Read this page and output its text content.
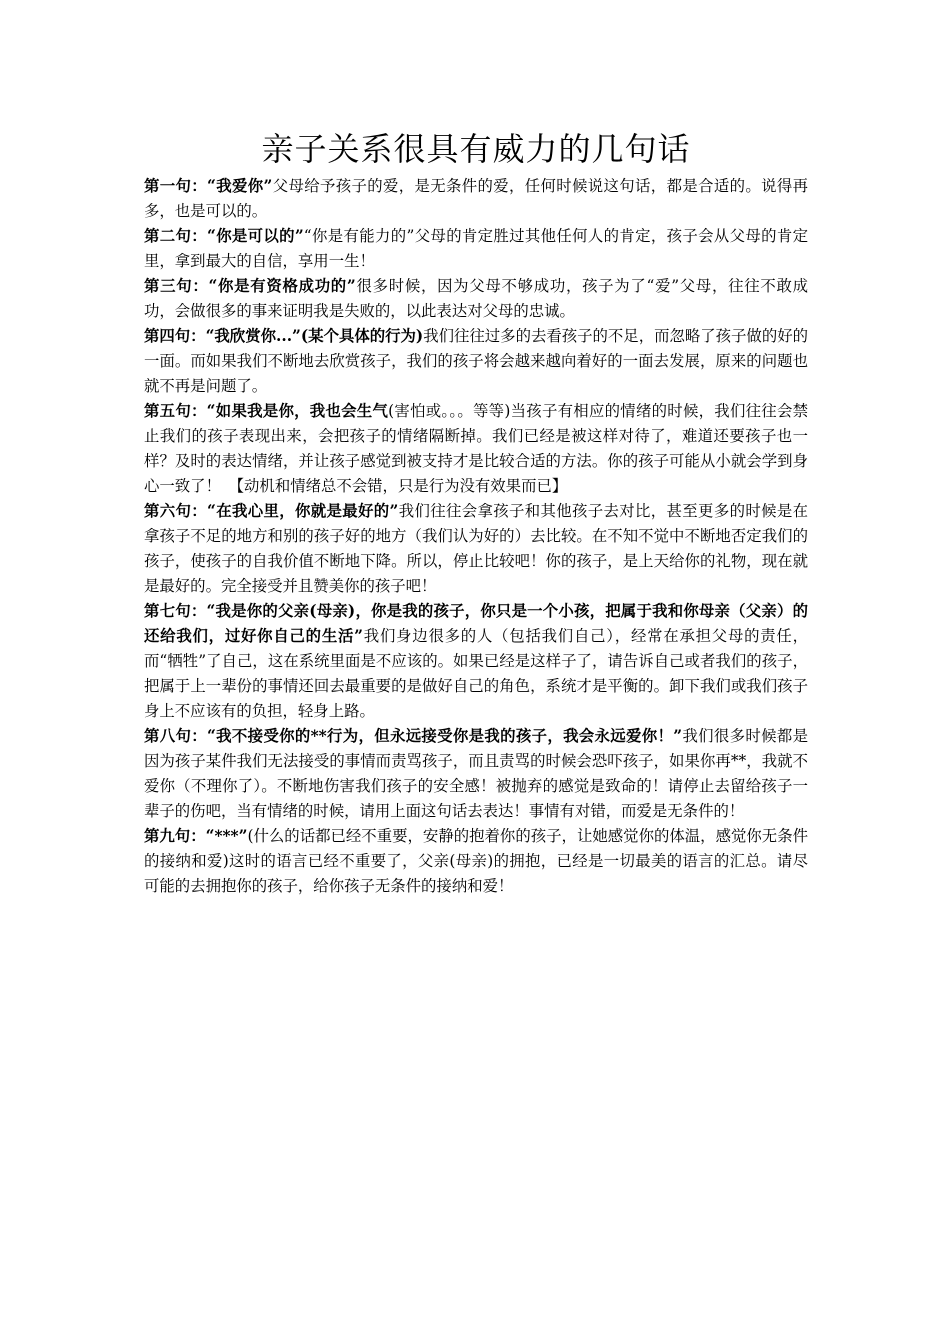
亲子关系很具有威力的几句话

第一句：“我爱你”父母给予孩子的爱，是无条件的爱，任何时候说这句话，都是合适的。说得再多，也是可以的。

第二句：“你是可以的”“你是有能力的”父母的肯定胜过其他任何人的肯定，孩子会从父母的肯定里，拿到最大的自信，享用一生！

第三句：“你是有资格成功的”很多时候，因为父母不够成功，孩子为了“爱”父母，往往不敢成功，会做很多的事来证明我是失败的，以此表达对父母的忠诚。

第四句：“我欣赏你...”(某个具体的行为)我们往往过多的去看孩子的不足，而忽略了孩子做的好的一面。而如果我们不断地去欣赏孩子，我们的孩子将会越来越向着好的一面去发展，原来的问题也就不再是问题了。

第五句：“如果我是你，我也会生气(害怕或。。。等等)当孩子有相应的情绪的时候，我们往往会禁止我们的孩子表现出来，会把孩子的情绪隔断掉。我们已经是被这样对待了，难道还要孩子也一样？及时的表达情绪，并让孩子感觉到被支持才是比较合适的方法。你的孩子可能从小就会学到身心一致了！　【动机和情绪总不会错，只是行为没有效果而已】

第六句：“在我心里，你就是最好的”我们往往会拿孩子和其他孩子去对比，甚至更多的时候是在拿孩子不足的地方和别的孩子好的地方（我们认为好的）去比较。在不知不觉中不断地否定我们的孩子，使孩子的自我价值不断地下降。所以，停止比较吧！你的孩子，是上天给你的礼物，现在就是最好的。完全接受并且赞美你的孩子吧！

第七句：“我是你的父亲(母亲)，你是我的孩子，你只是一个小孩，把属于我和你母亲（父亲）的还给我们，过好你自己的生活”我们身边很多的人（包括我们自己），经常在承担父母的责任，而“牺牲”了自己，这在系统里面是不应该的。如果已经是这样子了，请告诉自己或者我们的孩子，把属于上一辈份的事情还回去最重要的是做好自己的角色，系统才是平衡的。卸下我们或我们孩子身上不应该有的负担，轻身上路。

第八句：“我不接受你的**行为，但永远接受你是我的孩子，我会永远爱你！”我们很多时候都是因为孩子某件我们无法接受的事情而责骂孩子，而且责骂的时候会恐吓孩子，如果你再**，我就不爱你（不理你了）。不断地伤害我们孩子的安全感！被抛弃的感觉是致命的！请停止去留给孩子一辈子的伤吧，当有情绪的时候，请用上面这句话去表达！事情有对错，而爱是无条件的！

第九句：“***”(什么的话都已经不重要，安静的抱着你的孩子，让她感觉你的体温，感觉你无条件的接纳和爱)这时的语言已经不重要了，父亲(母亲)的拥抱，已经是一切最美的语言的汇总。请尽可能的去拥抱你的孩子，给你孩子无条件的接纳和爱！
